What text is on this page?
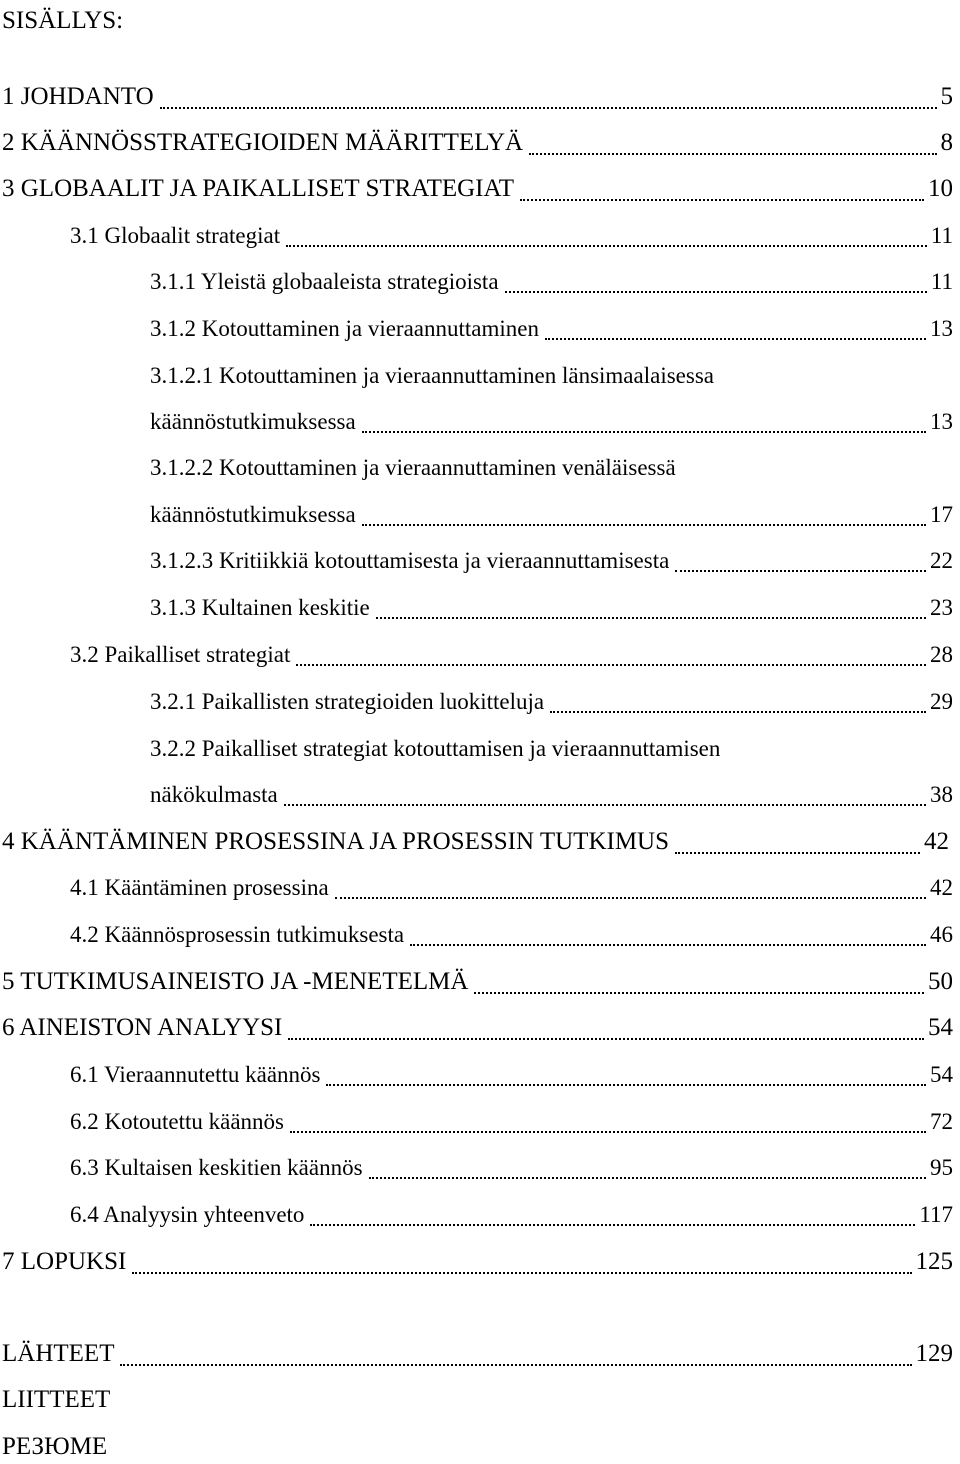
SISÄLLYS:
1 JOHDANTO	5
2 KÄÄNNÖSSTRATEGIOIDEN MÄÄRITTELYÄ	8
3 GLOBAALIT JA PAIKALLISET STRATEGIAT	10
3.1 Globaalit strategiat	11
3.1.1 Yleistä globaaleista strategioista	11
3.1.2 Kotouttaminen ja vieraannuttaminen	13
3.1.2.1 Kotouttaminen ja vieraannuttaminen länsimaalaisessa
käännöstutkimuksessa	13
3.1.2.2 Kotouttaminen ja vieraannuttaminen venäläisessä
käännöstutkimuksessa	17
3.1.2.3 Kritiikkiä kotouttamisesta ja vieraannuttamisesta	22
3.1.3 Kultainen keskitie	23
3.2 Paikalliset strategiat	28
3.2.1 Paikallisten strategioiden luokitteluja	29
3.2.2 Paikalliset strategiat kotouttamisen ja vieraannuttamisen
näkökulmasta	38
4 KÄÄNTÄMINEN PROSESSINA JA PROSESSIN TUTKIMUS	42
4.1 Kääntäminen prosessina	42
4.2 Käännösprosessin tutkimuksesta	46
5 TUTKIMUSAINEISTO JA -MENETELMÄ	50
6 AINEISTON ANALYYSI	54
6.1 Vieraannutettu käännös	54
6.2 Kotoutettu käännös	72
6.3 Kultaisen keskitien käännös	95
6.4 Analyysin yhteenveto	117
7 LOPUKSI	125
LÄHTEET	129
LIITTEET
РЕЗЮМЕ
